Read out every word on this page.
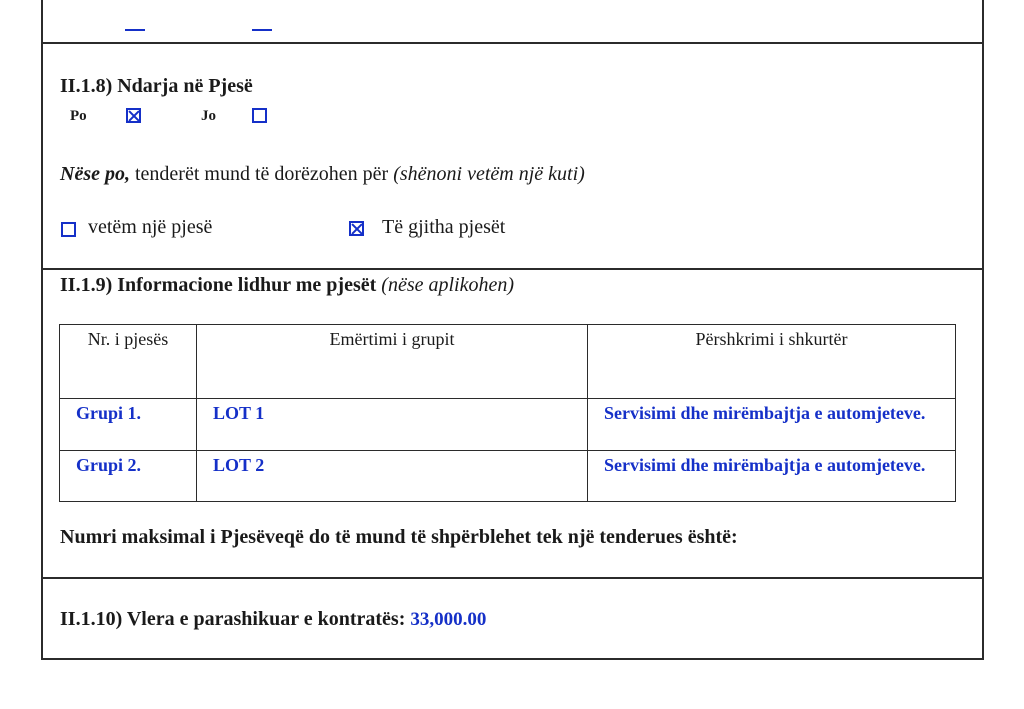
II.1.8) Ndarja në Pjesë
Po	Jo
Nëse po, tenderët mund të dorëzohen për (shënoni vetëm një kuti)
vetëm një pjesë	Të gjitha pjesët
II.1.9) Informacione lidhur me pjesët (nëse aplikohen)
Nr. i pjesës	Emërtimi i grupit	Përshkrimi i shkurtër
Grupi 1.	LOT 1	Servisimi dhe mirëmbajtja e automjeteve.
Grupi 2.	LOT 2	Servisimi dhe mirëmbajtja e automjeteve.
Numri maksimal i Pjesëveqë do të mund të shpërblehet tek një tenderues është:
II.1.10) Vlera e parashikuar e kontratës: 33,000.00
